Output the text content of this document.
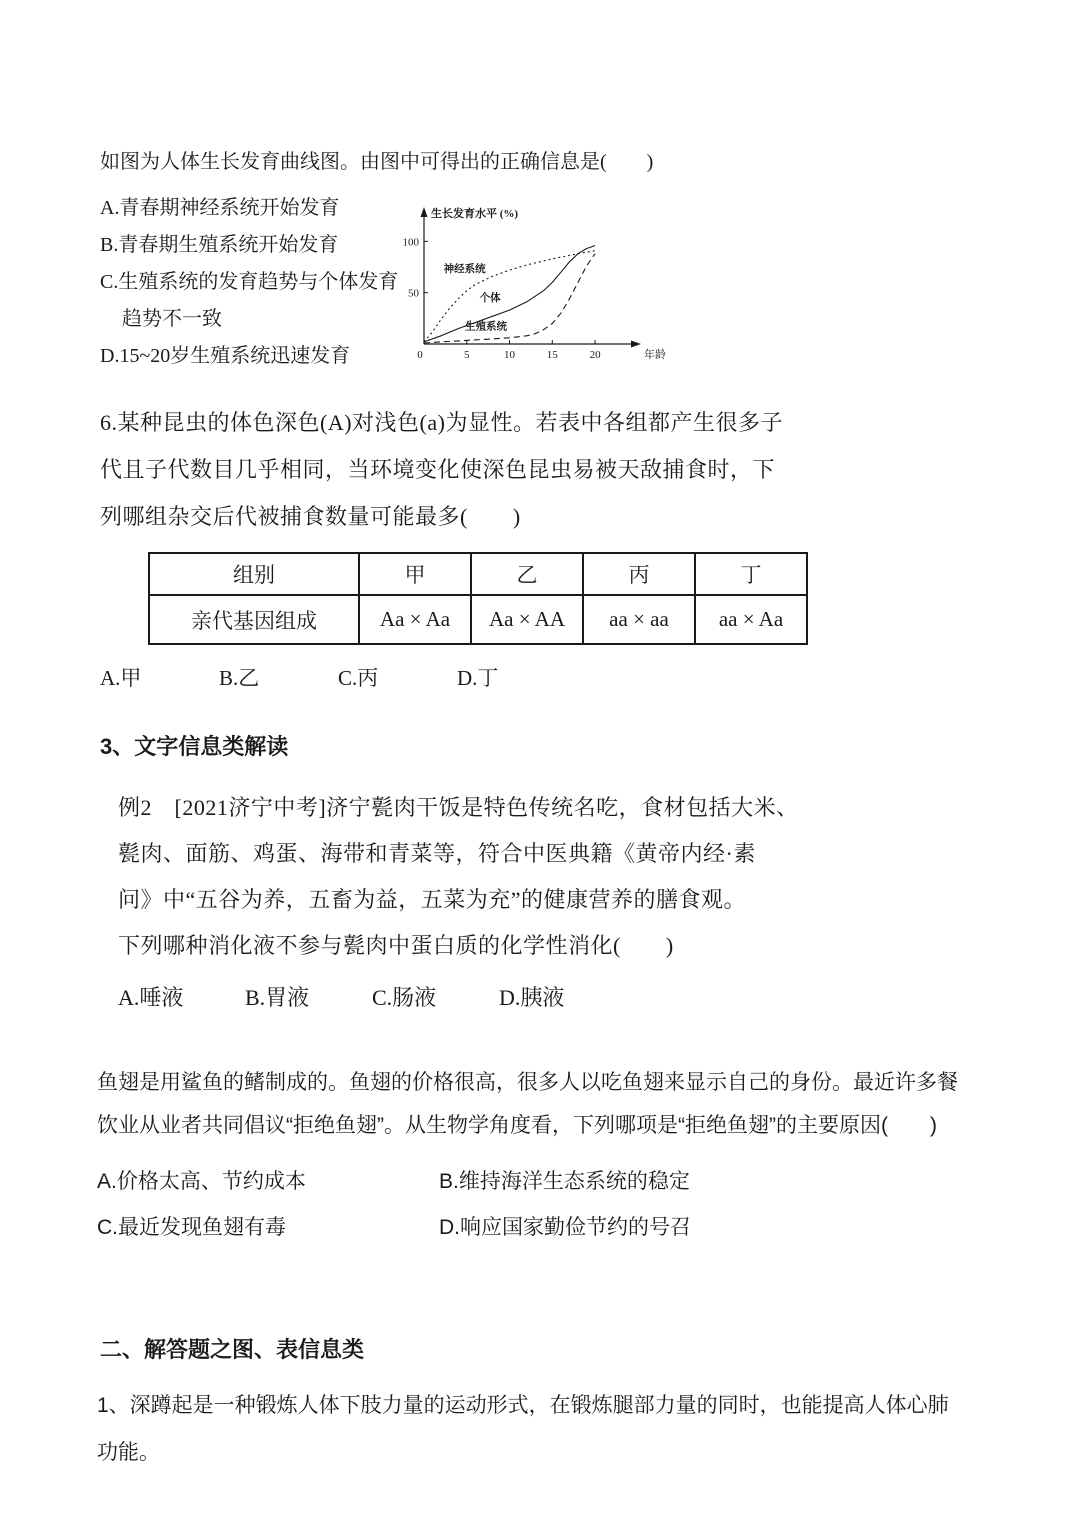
如图为人体生长发育曲线图。由图中可得出的正确信息是(　　)

A.青春期神经系统开始发育
B.青春期生殖系统开始发育
C.生殖系统的发育趋势与个体发育
趋势不一致
D.15~20岁生殖系统迅速发育	0	5	10	15	20
50
100
神经系统
个体
生殖系统
生长发育水平 (%)
年龄
6.某种昆虫的体色深色(A)对浅色(a)为显性。若表中各组都产生很多子
代且子代数目几乎相同，当环境变化使深色昆虫易被天敌捕食时，下
列哪组杂交后代被捕食数量可能最多(　　)
组别	甲	乙	丙	丁
亲代基因组成	Aa × Aa	Aa × AA	aa × aa	aa × Aa
A.甲	B.乙	C.丙	D.丁

3、文字信息类解读

例2　[2021济宁中考]济宁甏肉干饭是特色传统名吃，食材包括大米、
甏肉、面筋、鸡蛋、海带和青菜等，符合中医典籍《黄帝内经·素
问》中“五谷为养，五畜为益，五菜为充”的健康营养的膳食观。
下列哪种消化液不参与甏肉中蛋白质的化学性消化(　　)
A.唾液	B.胃液	C.肠液	D.胰液
鱼翅是用鲨鱼的鳍制成的。鱼翅的价格很高，很多人以吃鱼翅来显示自己的身份。最近许多餐
饮业从业者共同倡议“拒绝鱼翅”。从生物学角度看，下列哪项是“拒绝鱼翅”的主要原因(　　)
A.价格太高、节约成本	B.维持海洋生态系统的稳定
C.最近发现鱼翅有毒	D.响应国家勤俭节约的号召

二、解答题之图、表信息类

1、深蹲起是一种锻炼人体下肢力量的运动形式，在锻炼腿部力量的同时，也能提高人体心肺
功能。
